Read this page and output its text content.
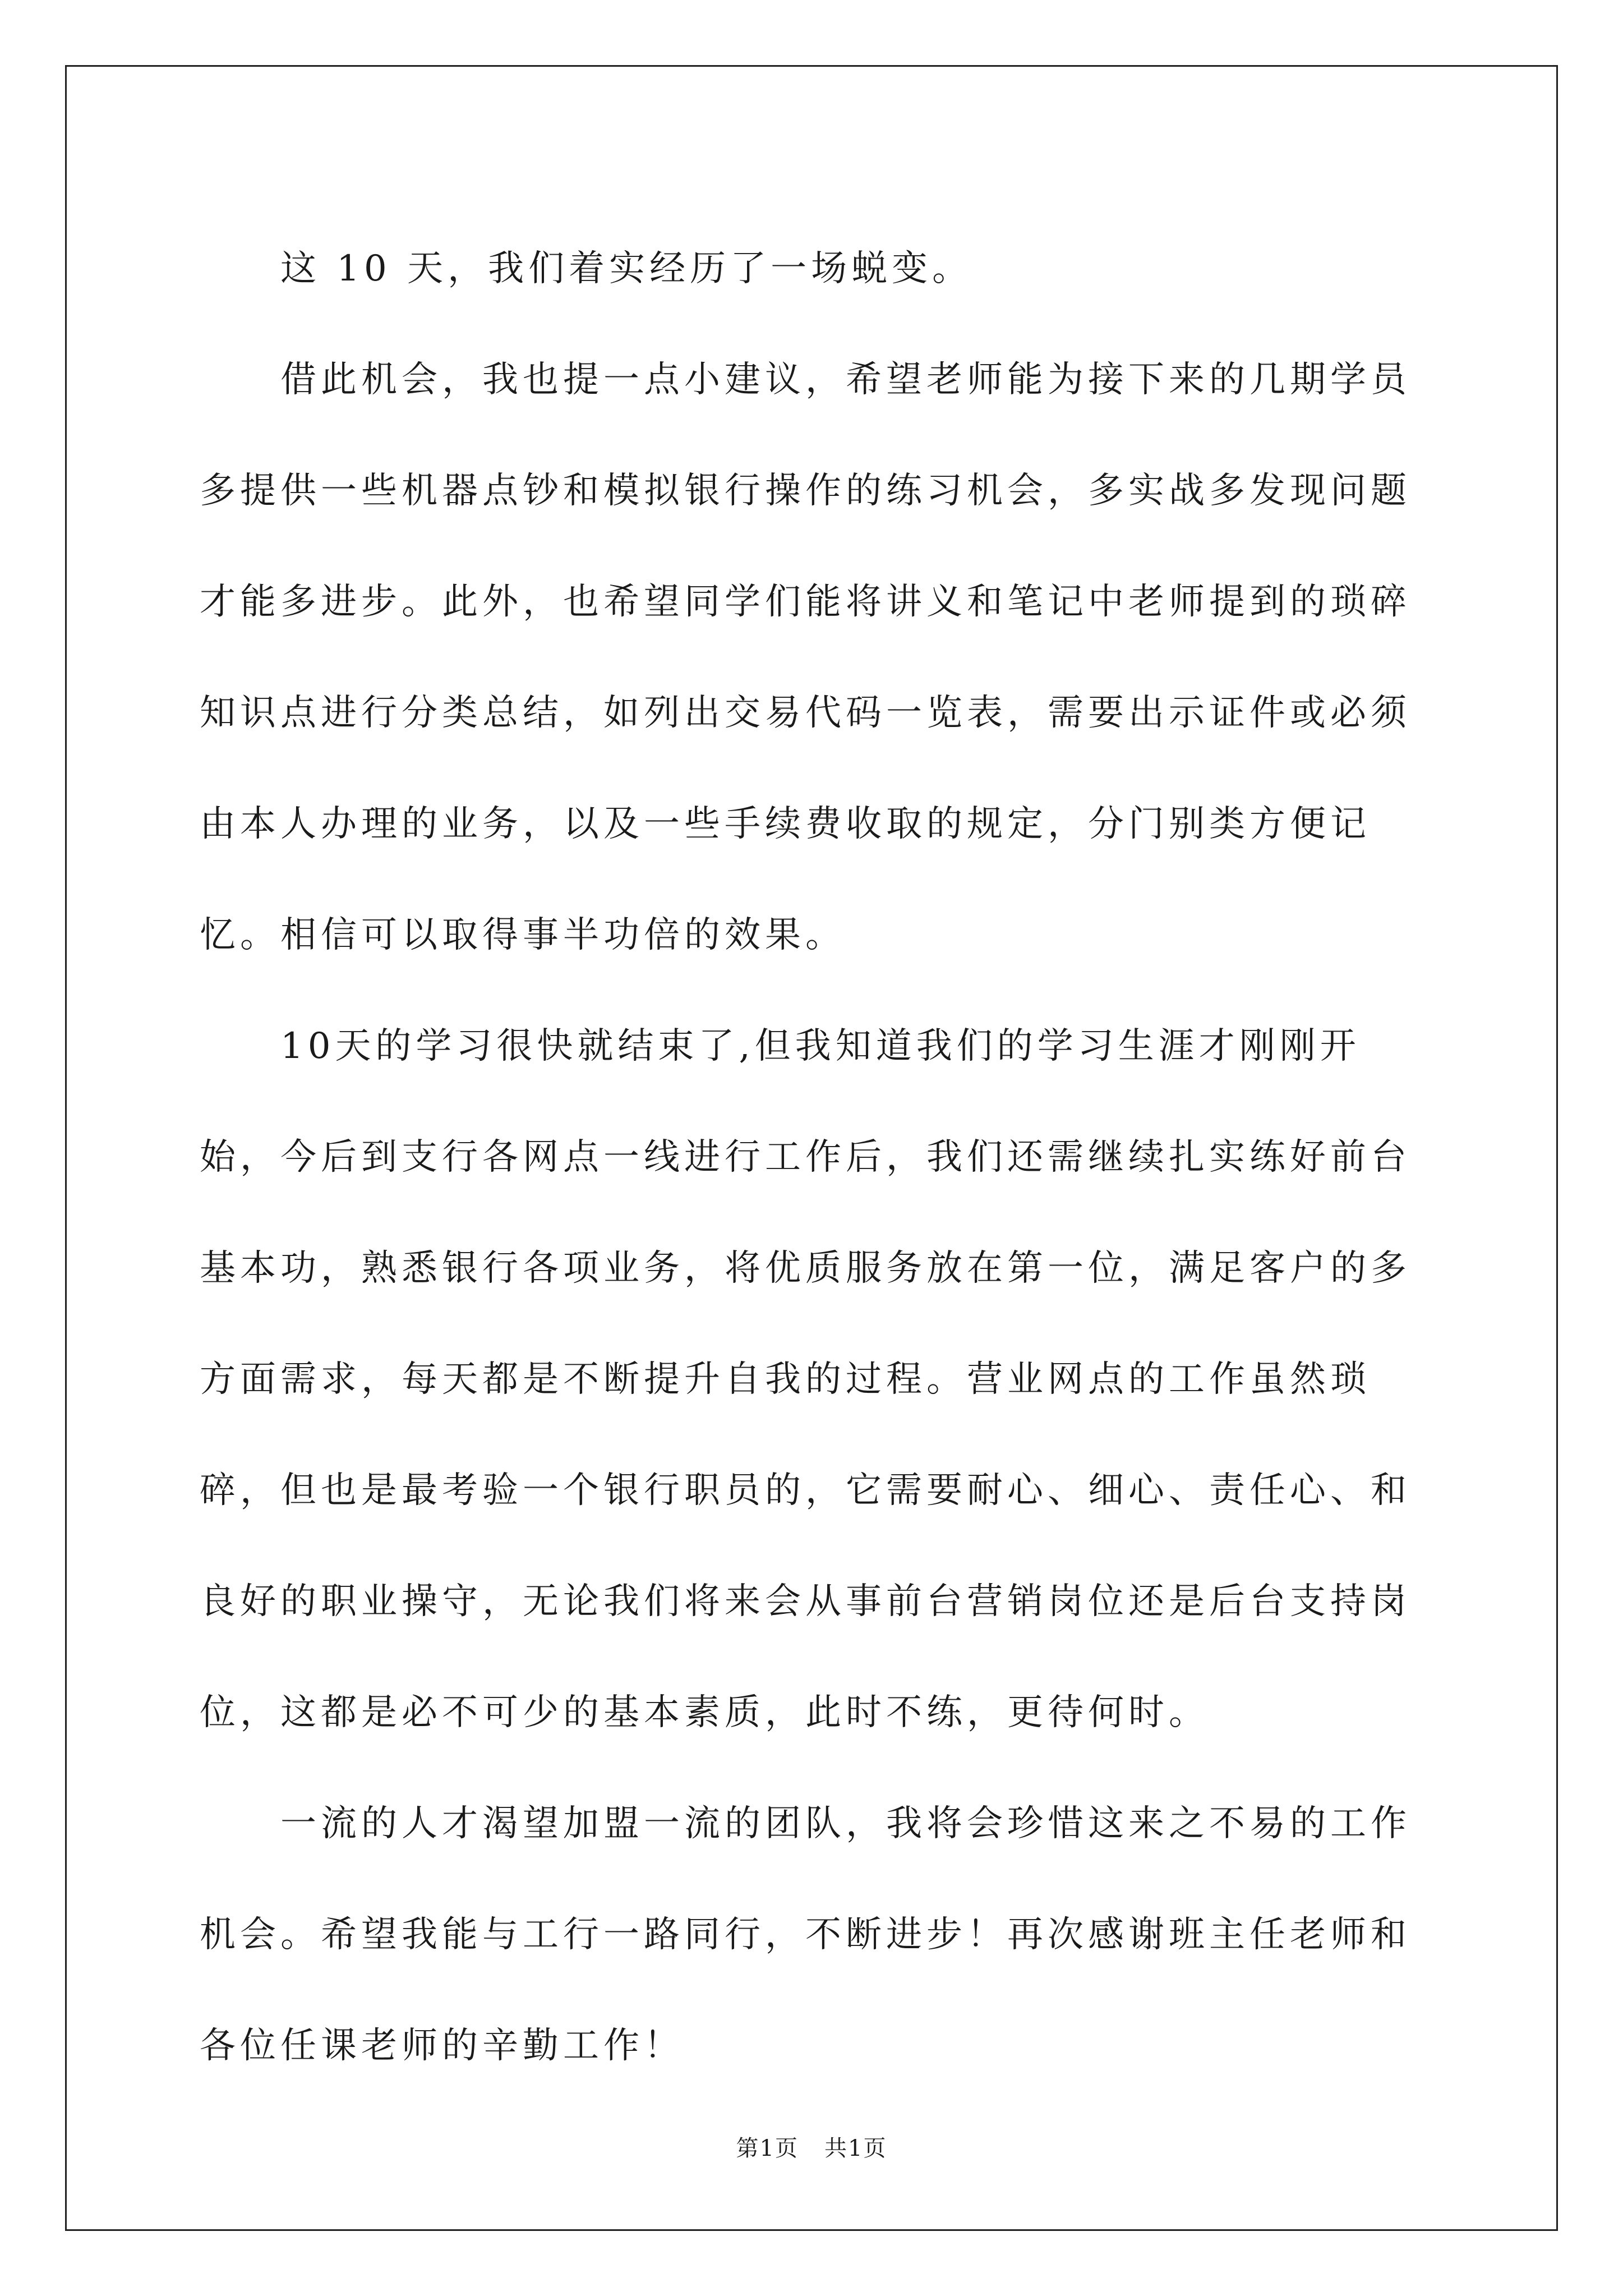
这 10 天，我们着实经历了一场蜕变。

借此机会，我也提一点小建议，希望老师能为接下来的几期学员多提供一些机器点钞和模拟银行操作的练习机会，多实战多发现问题才能多进步。此外，也希望同学们能将讲义和笔记中老师提到的琐碎知识点进行分类总结，如列出交易代码一览表，需要出示证件或必须由本人办理的业务，以及一些手续费收取的规定，分门别类方便记忆。相信可以取得事半功倍的效果。

10天的学习很快就结束了,但我知道我们的学习生涯才刚刚开始，今后到支行各网点一线进行工作后，我们还需继续扎实练好前台基本功，熟悉银行各项业务，将优质服务放在第一位，满足客户的多方面需求，每天都是不断提升自我的过程。营业网点的工作虽然琐碎，但也是最考验一个银行职员的，它需要耐心、细心、责任心、和良好的职业操守，无论我们将来会从事前台营销岗位还是后台支持岗位，这都是必不可少的基本素质，此时不练，更待何时。

一流的人才渴望加盟一流的团队，我将会珍惜这来之不易的工作机会。希望我能与工行一路同行，不断进步！再次感谢班主任老师和各位任课老师的辛勤工作！

第1页 共1页
